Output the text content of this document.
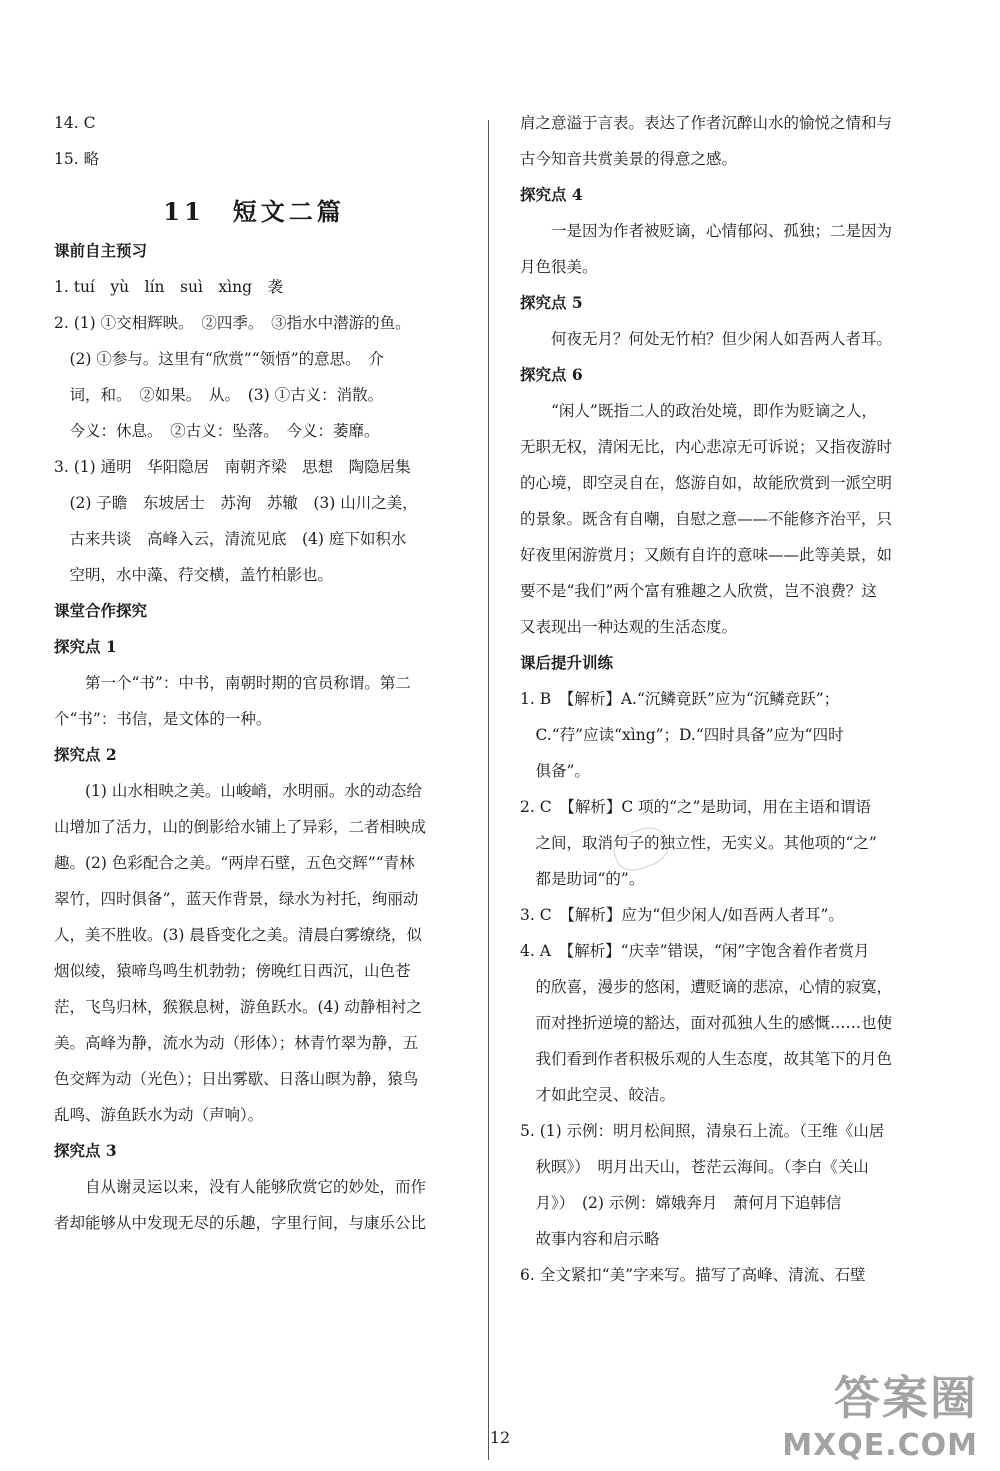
14. C
15. 略
11　短文二篇
课前自主预习
1. tuí　yù　lín　suì　xìng　袭
2. (1) ①交相辉映。　②四季。　③指水中潜游的鱼。
　(2) ①参与。这里有“欣赏”“领悟”的意思。　介
　词，和。　②如果。　从。　(3) ①古义：消散。
　今义：休息。　②古义：坠落。　今义：萎靡。
3. (1) 通明　华阳隐居　南朝齐梁　思想　陶隐居集
　(2) 子瞻　东坡居士　苏洵　苏辙　(3) 山川之美，
　古来共谈　高峰入云，清流见底　(4) 庭下如积水
　空明，水中藻、荇交横，盖竹柏影也。
课堂合作探究
探究点 1
　　第一个“书”：中书，南朝时期的官员称谓。第二
个“书”：书信，是文体的一种。
探究点 2
　　(1) 山水相映之美。山峻峭，水明丽。水的动态给
山增加了活力，山的倒影给水铺上了异彩，二者相映成
趣。(2) 色彩配合之美。“两岸石壁，五色交辉”“青林
翠竹，四时俱备”，蓝天作背景，绿水为衬托，绚丽动
人，美不胜收。(3) 晨昏变化之美。清晨白雾缭绕，似
烟似绫，猿啼鸟鸣生机勃勃；傍晚红日西沉，山色苍
茫，飞鸟归林，猴猴息树，游鱼跃水。(4) 动静相衬之
美。高峰为静，流水为动（形体）；林青竹翠为静，五
色交辉为动（光色）；日出雾歇、日落山暝为静，猿鸟
乱鸣、游鱼跃水为动（声响）。
探究点 3
　　自从谢灵运以来，没有人能够欣赏它的妙处，而作
者却能够从中发现无尽的乐趣，字里行间，与康乐公比
肩之意溢于言表。表达了作者沉醉山水的愉悦之情和与
古今知音共赏美景的得意之感。
探究点 4
　　一是因为作者被贬谪，心情郁闷、孤独；二是因为
月色很美。
探究点 5
　　何夜无月？何处无竹柏？但少闲人如吾两人者耳。
探究点 6
　　“闲人”既指二人的政治处境，即作为贬谪之人，
无职无权，清闲无比，内心悲凉无可诉说；又指夜游时
的心境，即空灵自在，悠游自如，故能欣赏到一派空明
的景象。既含有自嘲，自慰之意——不能修齐治平，只
好夜里闲游赏月；又颇有自许的意味——此等美景，如
要不是“我们”两个富有雅趣之人欣赏，岂不浪费？这
又表现出一种达观的生活态度。
课后提升训练
1. B　【解析】A.“沉鳞竟跃”应为“沉鳞竞跃”；
　C.“荇”应读“xìng”；D.“四时具备”应为“四时
　俱备”。
2. C　【解析】C 项的“之”是助词，用在主语和谓语
　之间，取消句子的独立性，无实义。其他项的“之”
　都是助词“的”。
3. C　【解析】应为“但少闲人/如吾两人者耳”。
4. A　【解析】“庆幸”错误，“闲”字饱含着作者赏月
　的欣喜，漫步的悠闲，遭贬谪的悲凉，心情的寂寞，
　而对挫折逆境的豁达，面对孤独人生的感慨……也使
　我们看到作者积极乐观的人生态度，故其笔下的月色
　才如此空灵、皎洁。
5. (1) 示例：明月松间照，清泉石上流。（王维《山居
　秋暝》）　明月出天山，苍茫云海间。（李白《关山
　月》）　(2) 示例：嫦娥奔月　萧何月下追韩信
　故事内容和启示略
6. 全文紧扣“美”字来写。描写了高峰、清流、石壁
12
答案圈
MXQE.COM
